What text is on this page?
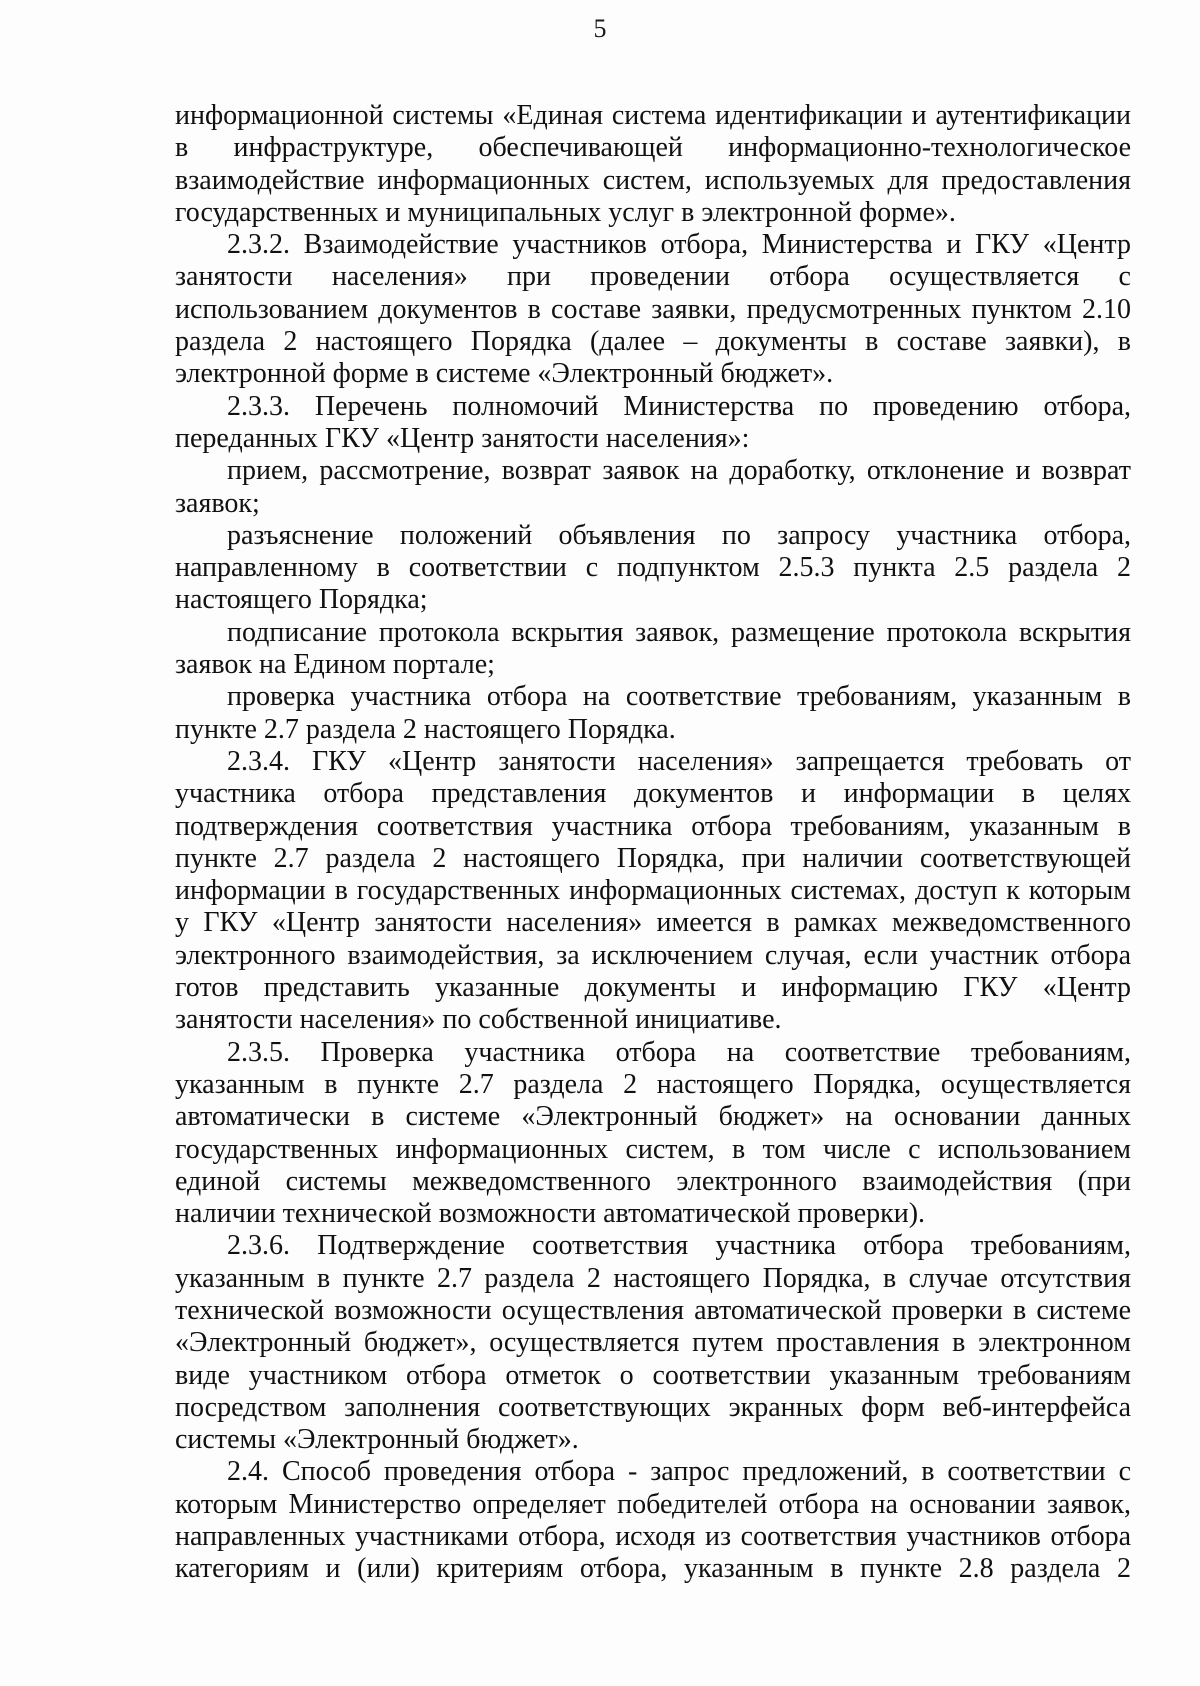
5
информационной системы «Единая система идентификации и аутентификации
в инфраструктуре, обеспечивающей информационно-технологическое
взаимодействие информационных систем, используемых для предоставления
государственных и муниципальных услуг в электронной форме».
2.3.2. Взаимодействие участников отбора, Министерства и ГКУ «Центр
занятости населения» при проведении отбора осуществляется с
использованием документов в составе заявки, предусмотренных пунктом 2.10
раздела 2 настоящего Порядка (далее – документы в составе заявки), в
электронной форме в системе «Электронный бюджет».
2.3.3. Перечень полномочий Министерства по проведению отбора,
переданных ГКУ «Центр занятости населения»:
прием, рассмотрение, возврат заявок на доработку, отклонение и возврат
заявок;
разъяснение положений объявления по запросу участника отбора,
направленному в соответствии с подпунктом 2.5.3 пункта 2.5 раздела 2
настоящего Порядка;
подписание протокола вскрытия заявок, размещение протокола вскрытия
заявок на Едином портале;
проверка участника отбора на соответствие требованиям, указанным в
пункте 2.7 раздела 2 настоящего Порядка.
2.3.4. ГКУ «Центр занятости населения» запрещается требовать от
участника отбора представления документов и информации в целях
подтверждения соответствия участника отбора требованиям, указанным в
пункте 2.7 раздела 2 настоящего Порядка, при наличии соответствующей
информации в государственных информационных системах, доступ к которым
у ГКУ «Центр занятости населения» имеется в рамках межведомственного
электронного взаимодействия, за исключением случая, если участник отбора
готов представить указанные документы и информацию ГКУ «Центр
занятости населения» по собственной инициативе.
2.3.5. Проверка участника отбора на соответствие требованиям,
указанным в пункте 2.7 раздела 2 настоящего Порядка, осуществляется
автоматически в системе «Электронный бюджет» на основании данных
государственных информационных систем, в том числе с использованием
единой системы межведомственного электронного взаимодействия (при
наличии технической возможности автоматической проверки).
2.3.6. Подтверждение соответствия участника отбора требованиям,
указанным в пункте 2.7 раздела 2 настоящего Порядка, в случае отсутствия
технической возможности осуществления автоматической проверки в системе
«Электронный бюджет», осуществляется путем проставления в электронном
виде участником отбора отметок о соответствии указанным требованиям
посредством заполнения соответствующих экранных форм веб-интерфейса
системы «Электронный бюджет».
2.4. Способ проведения отбора - запрос предложений, в соответствии с
которым Министерство определяет победителей отбора на основании заявок,
направленных участниками отбора, исходя из соответствия участников отбора
категориям и (или) критериям отбора, указанным в пункте 2.8 раздела 2
